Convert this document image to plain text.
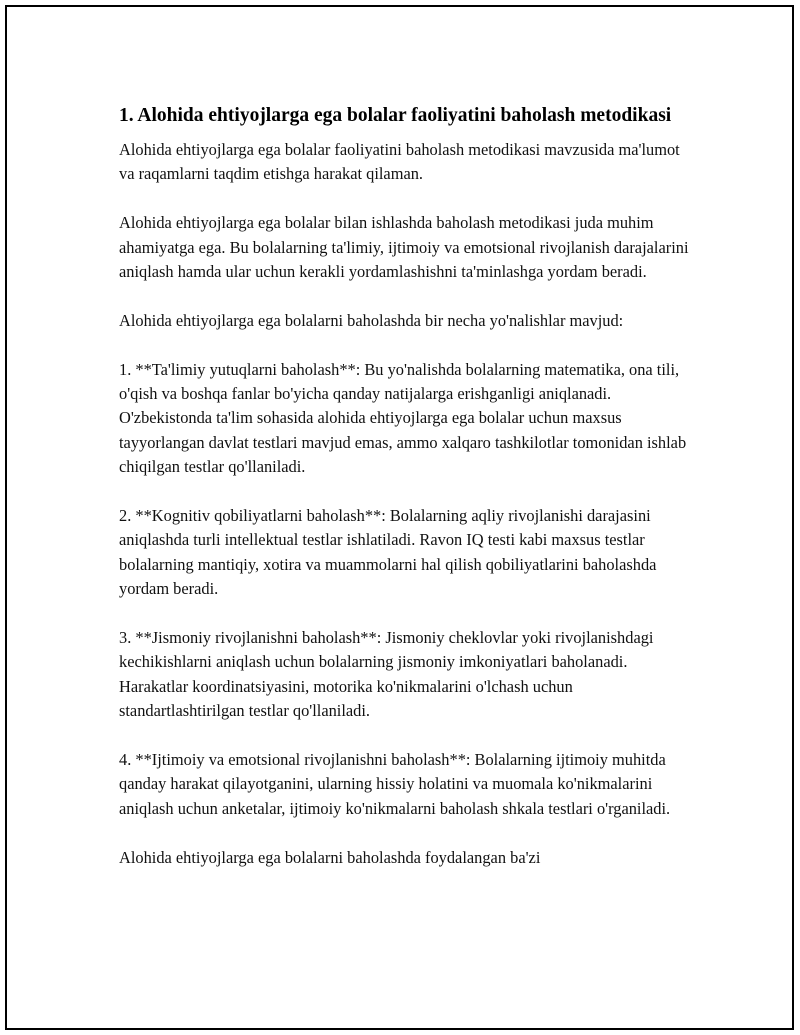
1. Alohida ehtiyojlarga ega bolalar faoliyatini baholash metodikasi

Alohida ehtiyojlarga ega bolalar faoliyatini baholash metodikasi mavzusida ma'lumot va raqamlarni taqdim etishga harakat qilaman.

Alohida ehtiyojlarga ega bolalar bilan ishlashda baholash metodikasi juda muhim ahamiyatga ega. Bu bolalarning ta'limiy, ijtimoiy va emotsional rivojlanish darajalarini aniqlash hamda ular uchun kerakli yordamlashishni ta'minlashga yordam beradi.

Alohida ehtiyojlarga ega bolalarni baholashda bir necha yo'nalishlar mavjud:

1. **Ta'limiy yutuqlarni baholash**: Bu yo'nalishda bolalarning matematika, ona tili, o'qish va boshqa fanlar bo'yicha qanday natijalarga erishganligi aniqlanadi. O'zbekistonda ta'lim sohasida alohida ehtiyojlarga ega bolalar uchun maxsus tayyorlangan davlat testlari mavjud emas, ammo xalqaro tashkilotlar tomonidan ishlab chiqilgan testlar qo'llaniladi.

2. **Kognitiv qobiliyatlarni baholash**: Bolalarning aqliy rivojlanishi darajasini aniqlashda turli intellektual testlar ishlatiladi. Ravon IQ testi kabi maxsus testlar bolalarning mantiqiy, xotira va muammolarni hal qilish qobiliyatlarini baholashda yordam beradi.

3. **Jismoniy rivojlanishni baholash**: Jismoniy cheklovlar yoki rivojlanishdagi kechikishlarni aniqlash uchun bolalarning jismoniy imkoniyatlari baholanadi. Harakatlar koordinatsiyasini, motorika ko'nikmalarini o'lchash uchun standartlashtirilgan testlar qo'llaniladi.

4. **Ijtimoiy va emotsional rivojlanishni baholash**: Bolalarning ijtimoiy muhitda qanday harakat qilayotganini, ularning hissiy holatini va muomala ko'nikmalarini aniqlash uchun anketalar, ijtimoiy ko'nikmalarni baholash shkala testlari o'rganiladi.

Alohida ehtiyojlarga ega bolalarni baholashda foydalangan ba'zi
